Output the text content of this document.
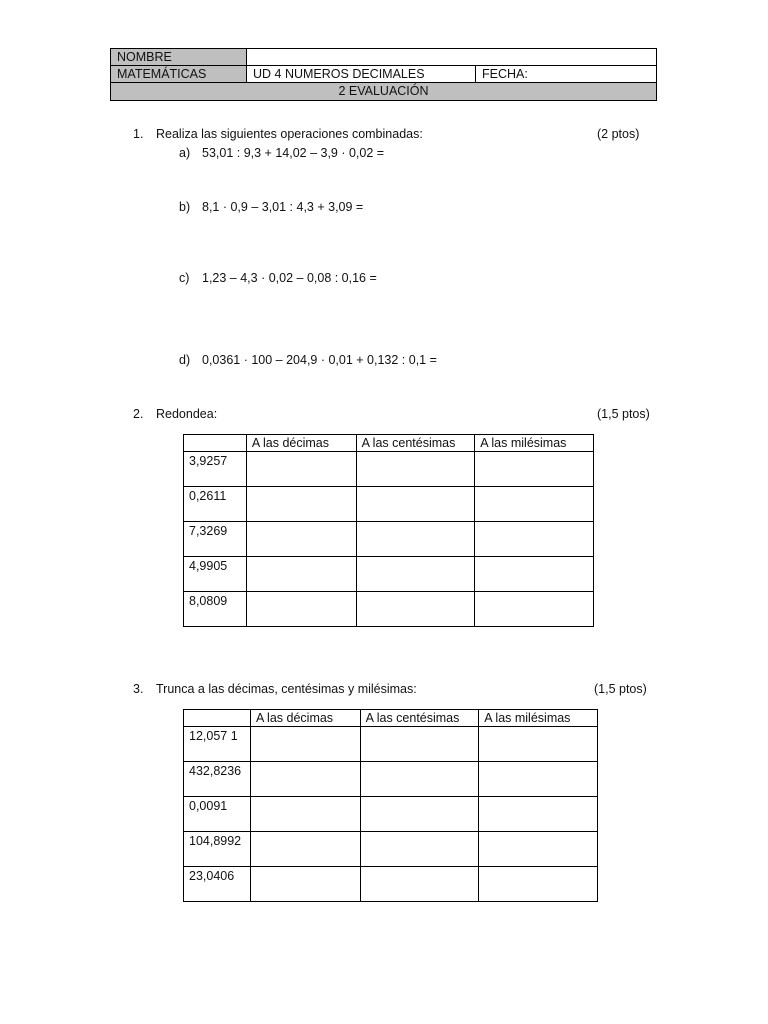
NOMBRE
MATEMÁTICAS	UD 4 NUMEROS DECIMALES	FECHA:
2 EVALUACIÓN
1. Realiza las siguientes operaciones combinadas:	(2 ptos)
a) 53,01 : 9,3 + 14,02 – 3,9 · 0,02 =
b) 8,1 · 0,9 – 3,01 : 4,3 + 3,09 =
c) 1,23 – 4,3 · 0,02 – 0,08 : 0,16 =
d) 0,0361 · 100 – 204,9 · 0,01 + 0,132 : 0,1 =
2. Redondea:	(1,5 ptos)
	A las décimas	A las centésimas	A las milésimas
3,9257			
0,2611			
7,3269			
4,9905			
8,0809			
3. Trunca a las décimas, centésimas y milésimas:	(1,5 ptos)
	A las décimas	A las centésimas	A las milésimas
12,057 1			
432,8236			
0,0091			
104,8992			
23,0406			
